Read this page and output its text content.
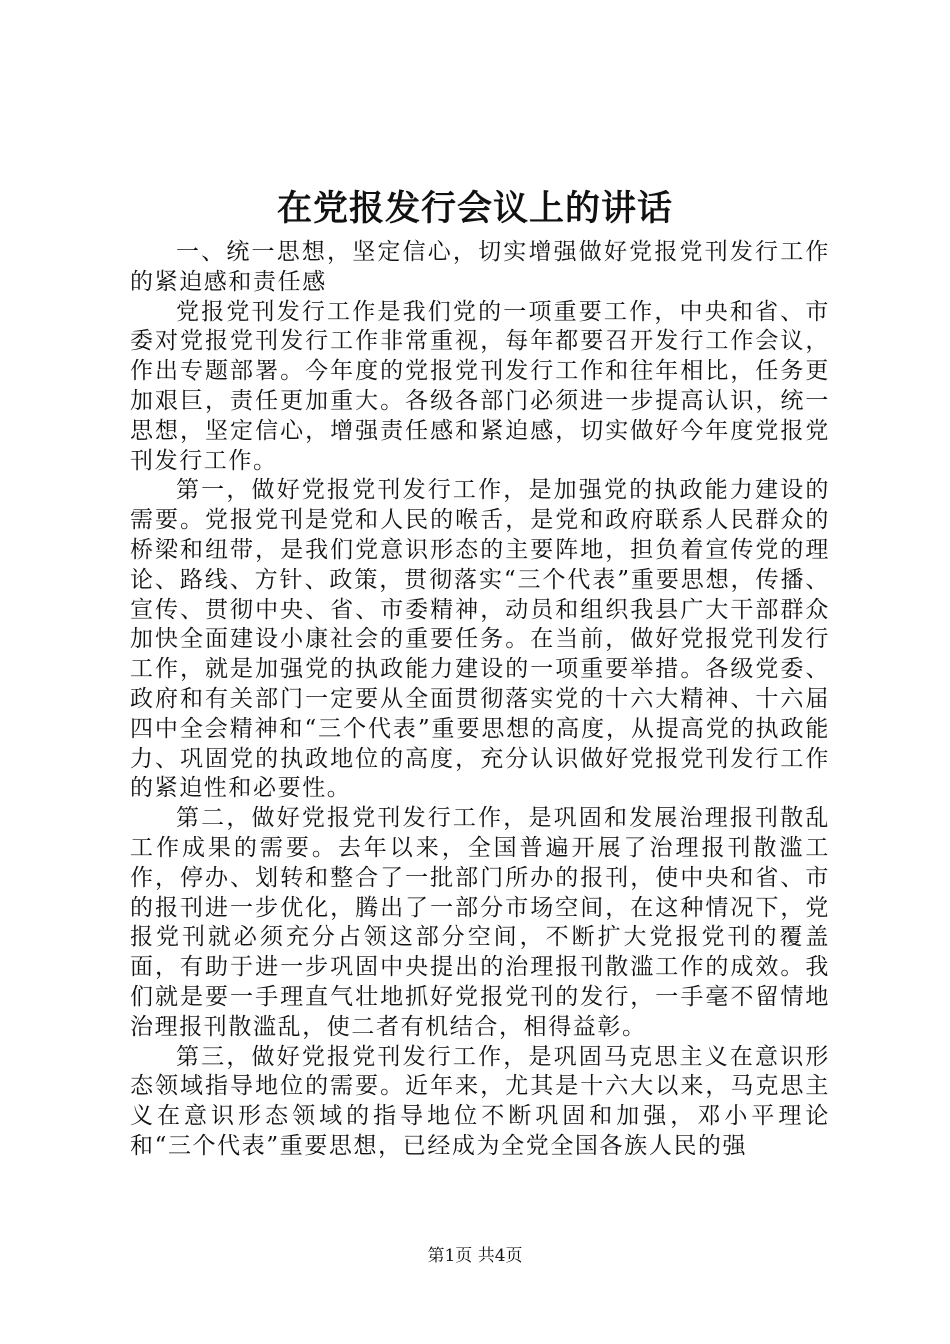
在党报发行会议上的讲话

一、统一思想，坚定信心，切实增强做好党报党刊发行工作的紧迫感和责任感

党报党刊发行工作是我们党的一项重要工作，中央和省、市委对党报党刊发行工作非常重视，每年都要召开发行工作会议，作出专题部署。今年度的党报党刊发行工作和往年相比，任务更加艰巨，责任更加重大。各级各部门必须进一步提高认识，统一思想，坚定信心，增强责任感和紧迫感，切实做好今年度党报党刊发行工作。

第一，做好党报党刊发行工作，是加强党的执政能力建设的需要。党报党刊是党和人民的喉舌，是党和政府联系人民群众的桥梁和纽带，是我们党意识形态的主要阵地，担负着宣传党的理论、路线、方针、政策，贯彻落实“三个代表”重要思想，传播、宣传、贯彻中央、省、市委精神，动员和组织我县广大干部群众加快全面建设小康社会的重要任务。在当前，做好党报党刊发行工作，就是加强党的执政能力建设的一项重要举措。各级党委、政府和有关部门一定要从全面贯彻落实党的十六大精神、十六届四中全会精神和“三个代表”重要思想的高度，从提高党的执政能力、巩固党的执政地位的高度，充分认识做好党报党刊发行工作的紧迫性和必要性。

第二，做好党报党刊发行工作，是巩固和发展治理报刊散乱工作成果的需要。去年以来，全国普遍开展了治理报刊散滥工作，停办、划转和整合了一批部门所办的报刊，使中央和省、市的报刊进一步优化，腾出了一部分市场空间，在这种情况下，党报党刊就必须充分占领这部分空间，不断扩大党报党刊的覆盖面，有助于进一步巩固中央提出的治理报刊散滥工作的成效。我们就是要一手理直气壮地抓好党报党刊的发行，一手毫不留情地治理报刊散滥乱，使二者有机结合，相得益彰。

第三，做好党报党刊发行工作，是巩固马克思主义在意识形态领域指导地位的需要。近年来，尤其是十六大以来，马克思主义在意识形态领域的指导地位不断巩固和加强，邓小平理论和“三个代表”重要思想，已经成为全党全国各族人民的强

第1页 共4页
